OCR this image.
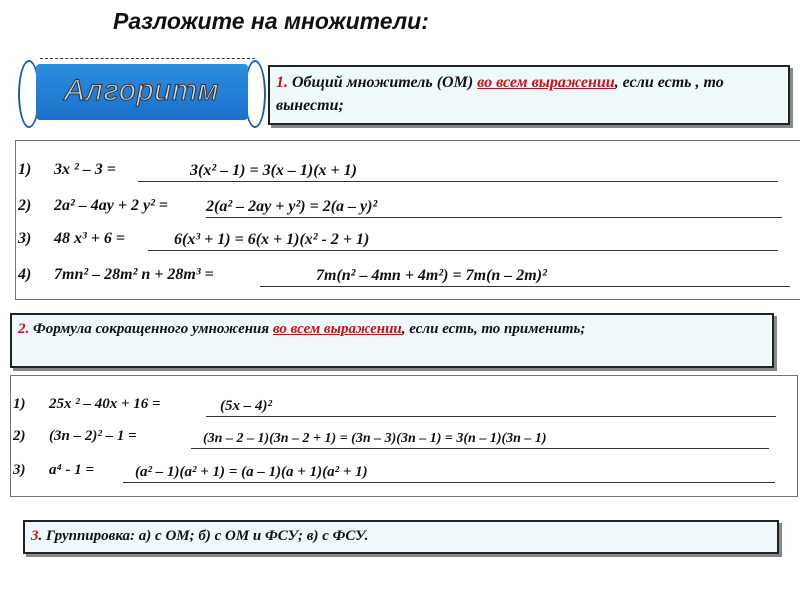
Разложите на множители:
Алгоритм	1. Общий множитель (ОМ) во всем выражении, если есть , то вынести;
1) 3x ² – 3 =	3(x² – 1) = 3(x – 1)(x + 1)
2) 2a² – 4ay + 2 y² = 2(a² – 2ay + y²) = 2(a – y)²
3) 48 x³ + 6 =	6(x³ + 1) = 6(x + 1)(x² - 2 + 1)
4) 7mn² – 28m² n + 28m³ =	7m(n² – 4mn + 4m²) = 7m(n – 2m)²
2. Формула сокращенного умножения во всем выражении, если есть, то применить;
1) 25x ² – 40x + 16 =	(5x – 4)²
2) (3n – 2)² – 1 =	(3n – 2 – 1)(3n – 2 + 1) = (3n – 3)(3n – 1) = 3(n – 1)(3n – 1)
3) a⁴ - 1 =	(a² – 1)(a² + 1) = (a – 1)(a + 1)(a² + 1)
3. Группировка: а) с ОМ; б) с ОМ и ФСУ; в) с ФСУ.
